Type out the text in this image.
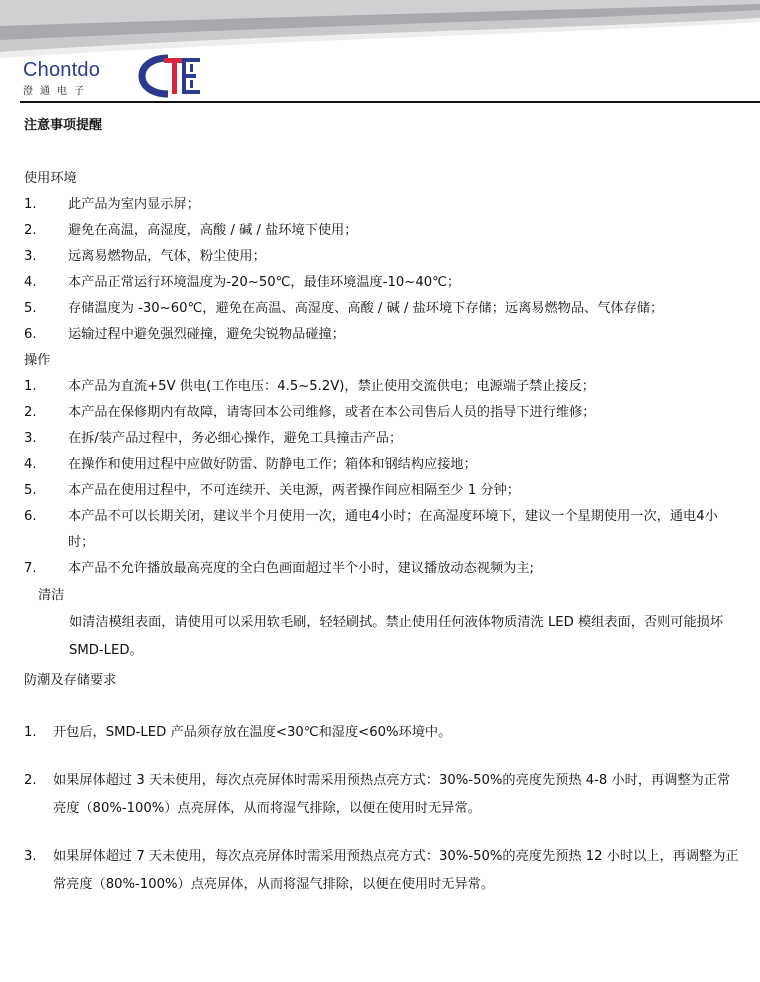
Chontdo
澄通电子
注意事项提醒
使用环境
1.	此产品为室内显示屏；
2.	避免在高温，高湿度，高酸 / 碱 / 盐环境下使用；
3.	远离易燃物品，气体，粉尘使用；
4.	本产品正常运行环境温度为-20~50℃，最佳环境温度-10~40℃；
5.	存储温度为 -30~60℃，避免在高温、高湿度、高酸 / 碱 / 盐环境下存储；远离易燃物品、气体存储；
6.	运输过程中避免强烈碰撞，避免尖锐物品碰撞；
操作
1.	本产品为直流+5V 供电(工作电压：4.5~5.2V)，禁止使用交流供电；电源端子禁止接反；
2.	本产品在保修期内有故障，请寄回本公司维修，或者在本公司售后人员的指导下进行维修；
3.	在拆/装产品过程中，务必细心操作，避免工具撞击产品；
4.	在操作和使用过程中应做好防雷、防静电工作；箱体和钢结构应接地；
5.	本产品在使用过程中，不可连续开、关电源，两者操作间应相隔至少 1 分钟；
6.	本产品不可以长期关闭，建议半个月使用一次，通电4小时；在高湿度环境下，建议一个星期使用一次，通电4小时；
7.	本产品不允许播放最高亮度的全白色画面超过半个小时，建议播放动态视频为主;
清洁
如清洁模组表面，请使用可以采用软毛刷，轻轻刷拭。禁止使用任何液体物质清洗 LED 模组表面，否则可能损坏 SMD-LED。
防潮及存储要求
1.	开包后，SMD-LED 产品须存放在温度<30℃和湿度<60%环境中。
2.	如果屏体超过 3 天未使用，每次点亮屏体时需采用预热点亮方式：30%-50%的亮度先预热 4-8 小时，再调整为正常亮度（80%-100%）点亮屏体，从而将湿气排除，以便在使用时无异常。
3.	如果屏体超过 7 天未使用，每次点亮屏体时需采用预热点亮方式：30%-50%的亮度先预热 12 小时以上，再调整为正常亮度（80%-100%）点亮屏体，从而将湿气排除，以便在使用时无异常。
